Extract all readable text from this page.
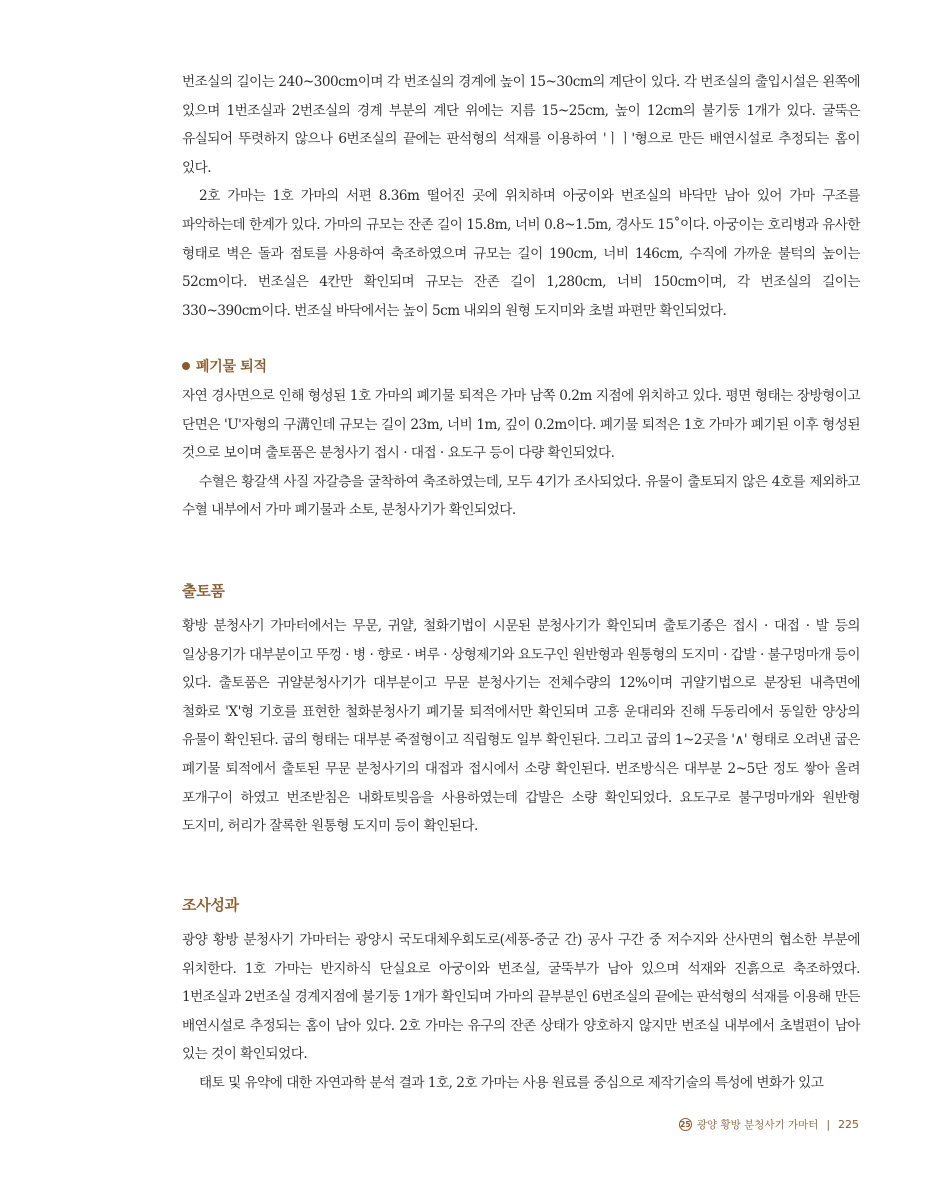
번조실의 길이는 240~300cm이며 각 번조실의 경계에 높이 15~30cm의 계단이 있다. 각 번조실의 출입시설은 왼쪽에 있으며 1번조실과 2번조실의 경계 부분의 계단 위에는 지름 15~25cm, 높이 12cm의 불기둥 1개가 있다. 굴뚝은 유실되어 뚜렷하지 않으나 6번조실의 끝에는 판석형의 석재를 이용하여 'ㅣㅣ'형으로 만든 배연시설로 추정되는 홈이 있다.

2호 가마는 1호 가마의 서편 8.36m 떨어진 곳에 위치하며 아궁이와 번조실의 바닥만 남아 있어 가마 구조를 파악하는데 한계가 있다. 가마의 규모는 잔존 길이 15.8m, 너비 0.8~1.5m, 경사도 15˚이다. 아궁이는 호리병과 유사한 형태로 벽은 돌과 점토를 사용하여 축조하였으며 규모는 길이 190cm, 너비 146cm, 수직에 가까운 불턱의 높이는 52cm이다. 번조실은 4칸만 확인되며 규모는 잔존 길이 1,280cm, 너비 150cm이며, 각 번조실의 길이는 330~390cm이다. 번조실 바닥에서는 높이 5cm 내외의 원형 도지미와 초벌 파편만 확인되었다.

폐기물 퇴적

자연 경사면으로 인해 형성된 1호 가마의 폐기물 퇴적은 가마 남쪽 0.2m 지점에 위치하고 있다. 평면 형태는 장방형이고 단면은 'U'자형의 구溝인데 규모는 길이 23m, 너비 1m, 깊이 0.2m이다. 폐기물 퇴적은 1호 가마가 폐기된 이후 형성된 것으로 보이며 출토품은 분청사기 접시 · 대접 · 요도구 등이 다량 확인되었다.

수혈은 황갈색 사질 자갈층을 굴착하여 축조하였는데, 모두 4기가 조사되었다. 유물이 출토되지 않은 4호를 제외하고 수혈 내부에서 가마 폐기물과 소토, 분청사기가 확인되었다.

출토품

황방 분청사기 가마터에서는 무문, 귀얄, 철화기법이 시문된 분청사기가 확인되며 출토기종은 접시 · 대접 · 발 등의 일상용기가 대부분이고 뚜껑 · 병 · 향로 · 벼루 · 상형제기와 요도구인 원반형과 원통형의 도지미 · 갑발 · 불구멍마개 등이 있다. 출토품은 귀얄분청사기가 대부분이고 무문 분청사기는 전체수량의 12%이며 귀얄기법으로 분장된 내측면에 철화로 'X'형 기호를 표현한 철화분청사기 폐기물 퇴적에서만 확인되며 고흥 운대리와 진해 두동리에서 동일한 양상의 유물이 확인된다. 굽의 형태는 대부분 죽절형이고 직립형도 일부 확인된다. 그리고 굽의 1~2곳을 '∧' 형태로 오려낸 굽은 폐기물 퇴적에서 출토된 무문 분청사기의 대접과 접시에서 소량 확인된다. 번조방식은 대부분 2~5단 정도 쌓아 올려 포개구이 하였고 번조받침은 내화토빚음을 사용하였는데 갑발은 소량 확인되었다. 요도구로 불구멍마개와 원반형 도지미, 허리가 잘록한 원통형 도지미 등이 확인된다.

조사성과

광양 황방 분청사기 가마터는 광양시 국도대체우회도로(세풍-중군 간) 공사 구간 중 저수지와 산사면의 협소한 부분에 위치한다. 1호 가마는 반지하식 단실요로 아궁이와 번조실, 굴뚝부가 남아 있으며 석재와 진흙으로 축조하였다. 1번조실과 2번조실 경계지점에 불기둥 1개가 확인되며 가마의 끝부분인 6번조실의 끝에는 판석형의 석재를 이용해 만든 배연시설로 추정되는 홈이 남아 있다. 2호 가마는 유구의 잔존 상태가 양호하지 않지만 번조실 내부에서 초벌편이 남아 있는 것이 확인되었다.

태토 및 유약에 대한 자연과학 분석 결과 1호, 2호 가마는 사용 원료를 중심으로 제작기술의 특성에 변화가 있고

25 광양 황방 분청사기 가마터 | 225
